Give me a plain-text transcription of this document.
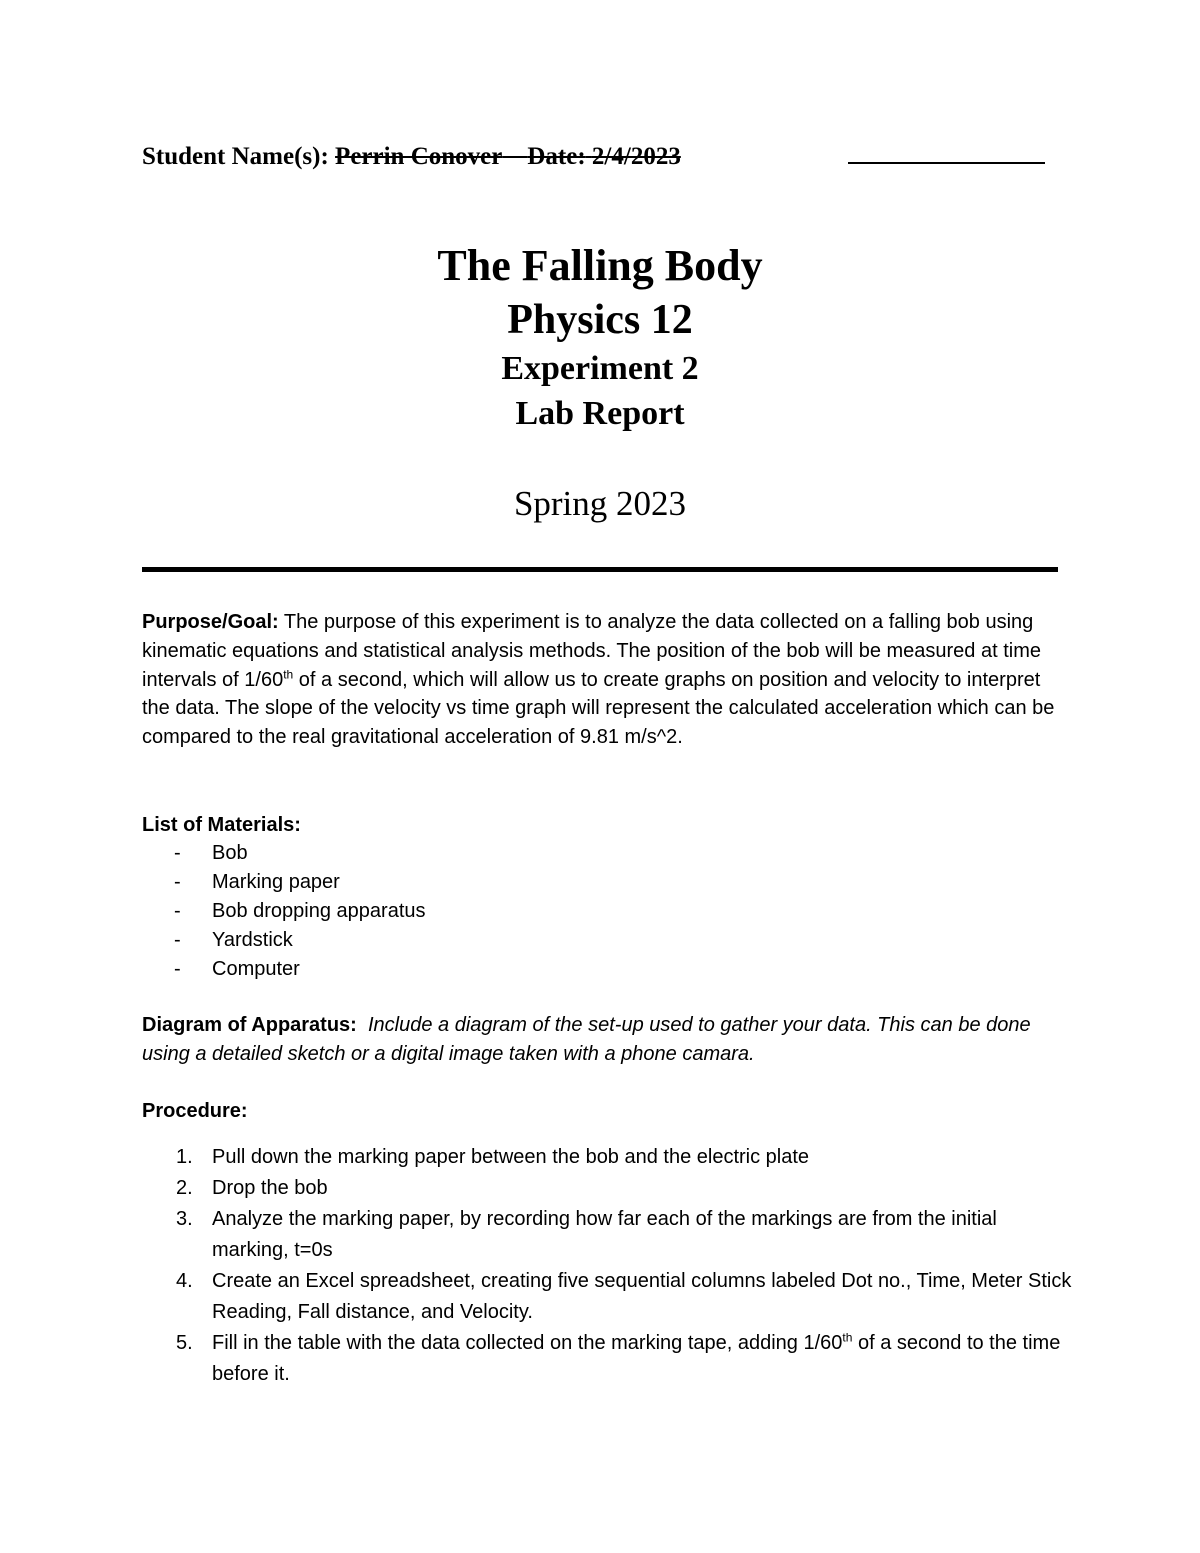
Student Name(s): Perrin Conover Date: 2/4/2023
The Falling Body
Physics 12
Experiment 2
Lab Report
Spring 2023
Purpose/Goal: The purpose of this experiment is to analyze the data collected on a falling bob using kinematic equations and statistical analysis methods. The position of the bob will be measured at time intervals of 1/60th of a second, which will allow us to create graphs on position and velocity to interpret the data. The slope of the velocity vs time graph will represent the calculated acceleration which can be compared to the real gravitational acceleration of 9.81 m/s^2.
List of Materials:
- Bob
- Marking paper
- Bob dropping apparatus
- Yardstick
- Computer
Diagram of Apparatus: Include a diagram of the set-up used to gather your data. This can be done using a detailed sketch or a digital image taken with a phone camara.
Procedure:
1. Pull down the marking paper between the bob and the electric plate
2. Drop the bob
3. Analyze the marking paper, by recording how far each of the markings are from the initial marking, t=0s
4. Create an Excel spreadsheet, creating five sequential columns labeled Dot no., Time, Meter Stick Reading, Fall distance, and Velocity.
5. Fill in the table with the data collected on the marking tape, adding 1/60th of a second to the time before it.
